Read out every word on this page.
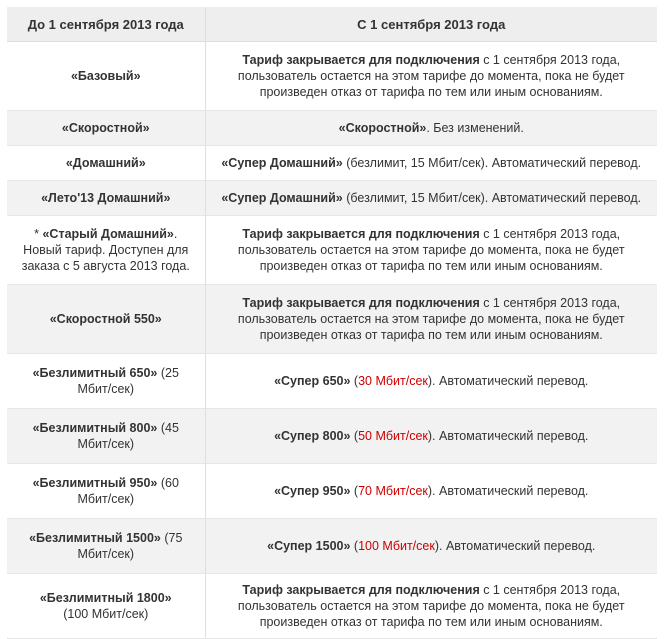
До 1 сентября 2013 года	С 1 сентября 2013 года
«Базовый»	Тариф закрывается для подключения с 1 сентября 2013 года, пользователь остается на этом тарифе до момента, пока не будет произведен отказ от тарифа по тем или иным основаниям.
«Скоростной»	«Скоростной». Без изменений.
«Домашний»	«Супер Домашний» (безлимит, 15 Мбит/сек). Автоматический перевод.
«Лето'13 Домашний»	«Супер Домашний» (безлимит, 15 Мбит/сек). Автоматический перевод.
* «Старый Домашний». Новый тариф. Доступен для заказа с 5 августа 2013 года.	Тариф закрывается для подключения с 1 сентября 2013 года, пользователь остается на этом тарифе до момента, пока не будет произведен отказ от тарифа по тем или иным основаниям.
«Скоростной 550»	Тариф закрывается для подключения с 1 сентября 2013 года, пользователь остается на этом тарифе до момента, пока не будет произведен отказ от тарифа по тем или иным основаниям.
«Безлимитный 650» (25 Мбит/сек)	«Супер 650» (30 Мбит/сек). Автоматический перевод.
«Безлимитный 800» (45 Мбит/сек)	«Супер 800» (50 Мбит/сек). Автоматический перевод.
«Безлимитный 950» (60 Мбит/сек)	«Супер 950» (70 Мбит/сек). Автоматический перевод.
«Безлимитный 1500» (75 Мбит/сек)	«Супер 1500» (100 Мбит/сек). Автоматический перевод.
«Безлимитный 1800»
(100 Мбит/сек)	Тариф закрывается для подключения с 1 сентября 2013 года, пользователь остается на этом тарифе до момента, пока не будет произведен отказ от тарифа по тем или иным основаниям.
